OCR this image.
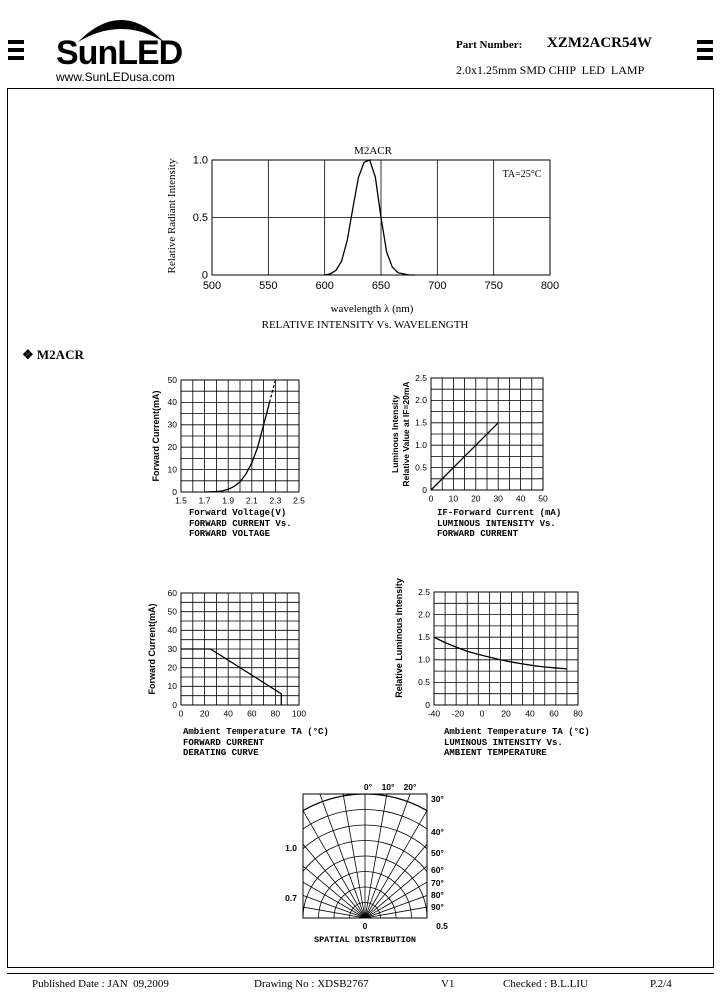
SunLED
www.SunLEDusa.com
Part Number: XZM2ACR54W
2.0x1.25mm SMD CHIP  LED  LAMP
500	550	600	650	700	750	800
0
0.5
1.0
M2ACR
TA=25°C
wavelength λ (nm)
RELATIVE INTENSITY Vs. WAVELENGTH
Relative Radiant Intensity
❖ M2ACR
1.5 1.7 1.9 2.1 2.3 2.5
0
10
20
30
40
50
Forward Voltage(V)
FORWARD CURRENT Vs.
FORWARD VOLTAGE
Forward Current(mA)
0 10 20 30 40 50
0
0.5
1.0
1.5
2.0
2.5
IF-Forward Current (mA)
LUMINOUS INTENSITY Vs.
FORWARD CURRENT
Luminous Intensity Relative Value at IF=20mA
0 20 40 60 80 100
0
10
20
30
40
50
60
Ambient Temperature TA (°C)
FORWARD CURRENT
DERATING CURVE
Forward Current(mA)
-40 -20 0 20 40 60 80
0
0.5
1.0
1.5
2.0
2.5
Ambient Temperature TA (°C)
LUMINOUS INTENSITY Vs.
AMBIENT TEMPERATURE
Relative Luminous Intensity
0° 10° 20°
30°
40°
50°
60°
70°
80°
90°
1.0
0.7
0	0.5
SPATIAL DISTRIBUTION
Published Date : JAN  09,2009	Drawing No : XDSB2767	V1	Checked : B.L.LIU	P.2/4
